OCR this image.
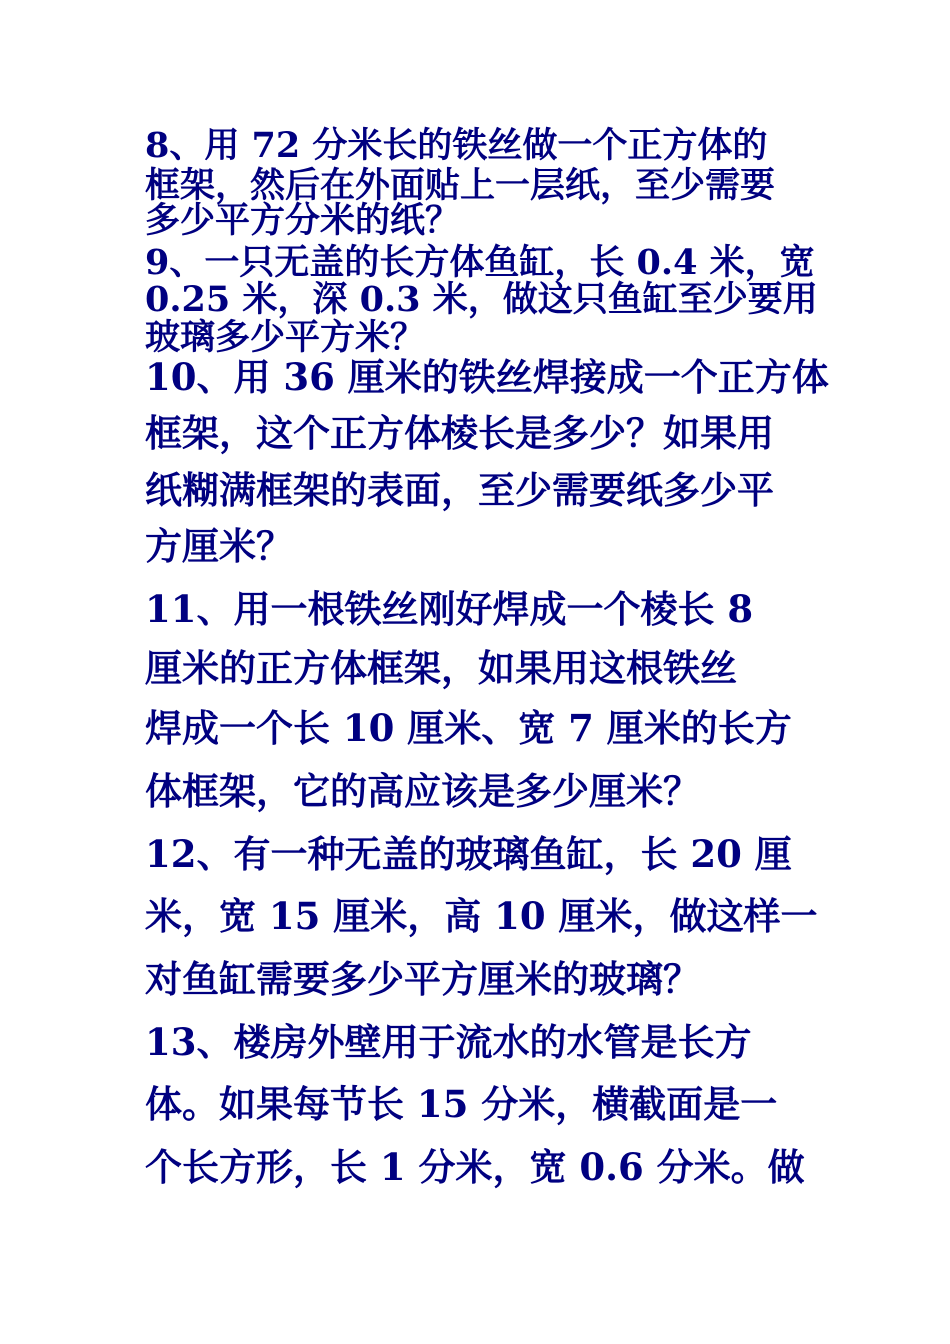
8、用 72 分米长的铁丝做一个正方体的
框架，然后在外面贴上一层纸，至少需要
多少平方分米的纸？
9、一只无盖的长方体鱼缸，长 0.4 米，宽
0.25 米，深 0.3 米，做这只鱼缸至少要用
玻璃多少平方米？
10、用 36 厘米的铁丝焊接成一个正方体
框架，这个正方体棱长是多少？如果用
纸糊满框架的表面，至少需要纸多少平
方厘米？
11、用一根铁丝刚好焊成一个棱长 8
厘米的正方体框架，如果用这根铁丝
焊成一个长 10 厘米、宽 7 厘米的长方
体框架，它的高应该是多少厘米？
12、有一种无盖的玻璃鱼缸，长 20 厘
米，宽 15 厘米，高 10 厘米，做这样一
对鱼缸需要多少平方厘米的玻璃？
13、楼房外壁用于流水的水管是长方
体。如果每节长 15 分米，横截面是一
个长方形，长 1 分米，宽 0.6 分米。做
